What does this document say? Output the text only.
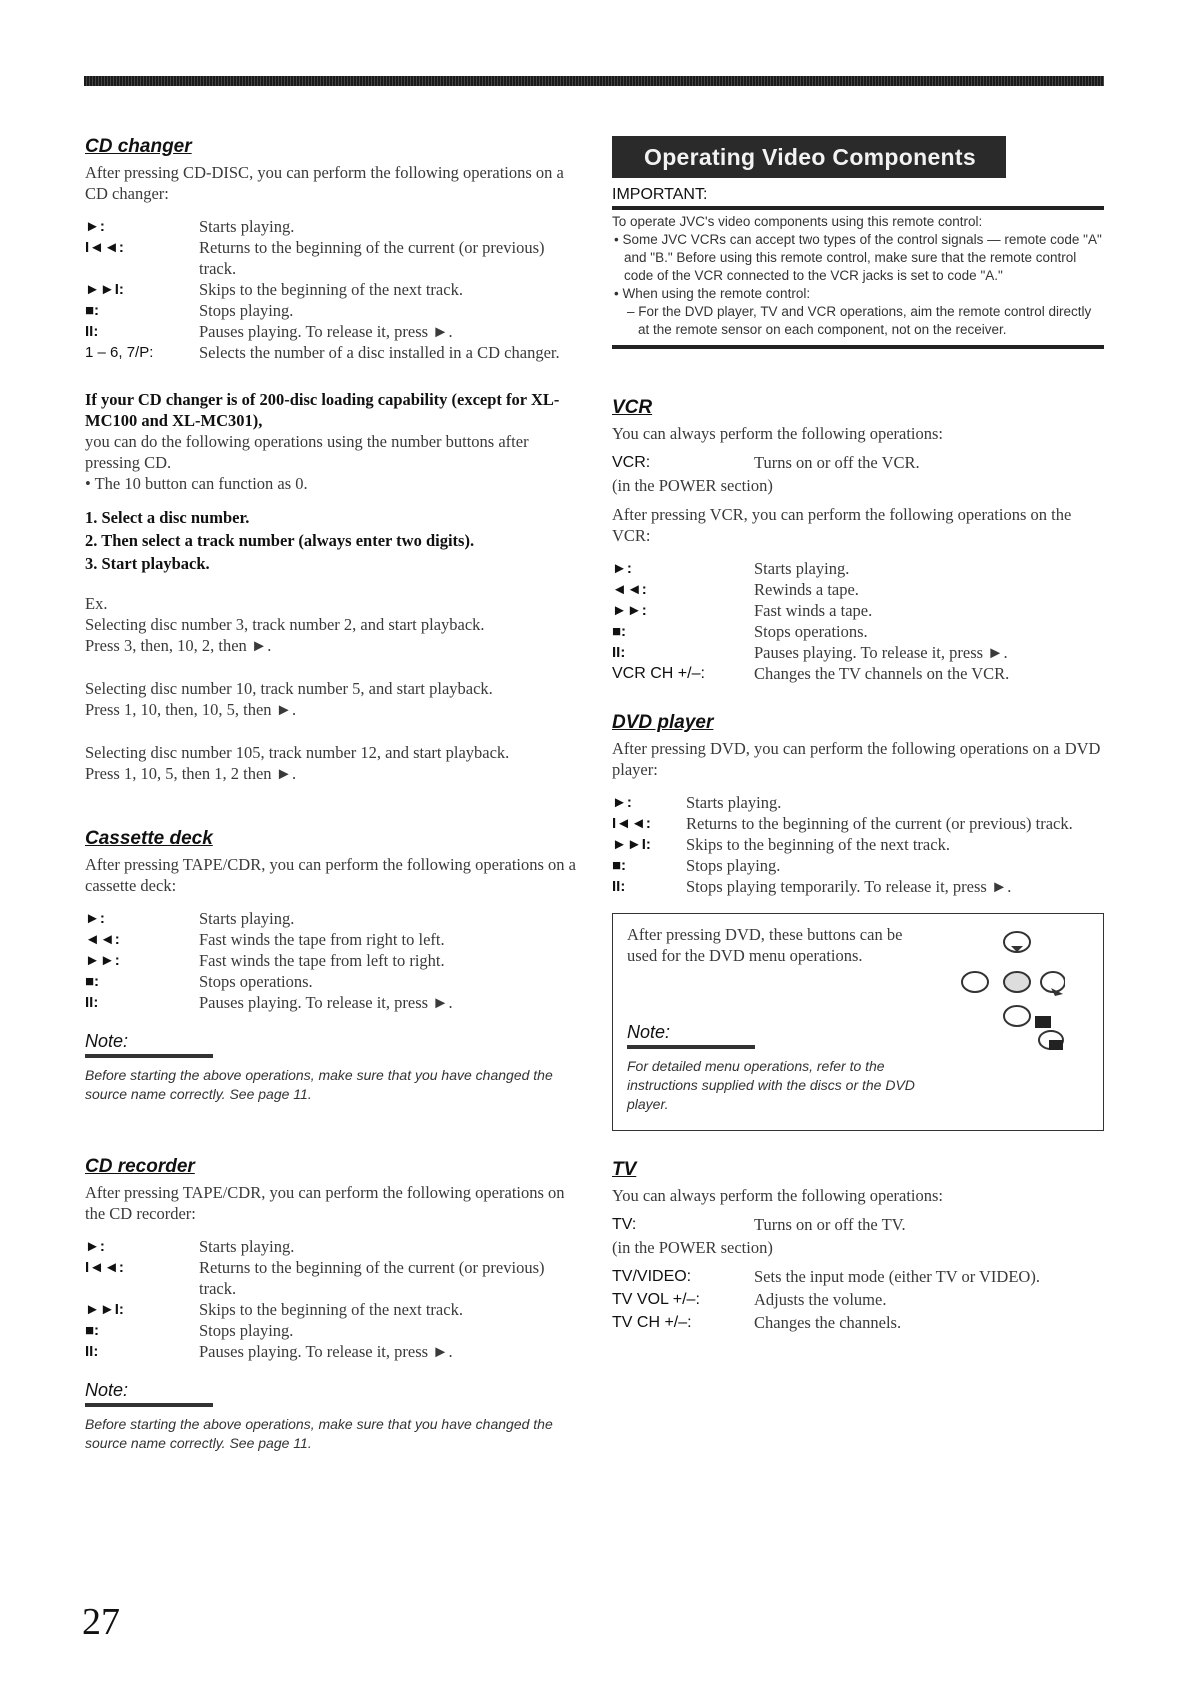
CD changer

After pressing CD-DISC, you can perform the following operations on a CD changer:

►:	Starts playing.
I◄◄:	Returns to the beginning of the current (or previous) track.
►►I:	Skips to the beginning of the next track.
■:	Stops playing.
II:	Pauses playing. To release it, press ►.
1 – 6, 7/P:	Selects the number of a disc installed in a CD changer.

If your CD changer is of 200-disc loading capability (except for XL-MC100 and XL-MC301),

you can do the following operations using the number buttons after pressing CD.

• The 10 button can function as 0.

1. Select a disc number.
2. Then select a track number (always enter two digits).
3. Start playback.

Ex.

Selecting disc number 3, track number 2, and start playback.

Press 3, then, 10, 2, then ►.

Selecting disc number 10, track number 5, and start playback.

Press 1, 10, then, 10, 5, then ►.

Selecting disc number 105, track number 12, and start playback.

Press 1, 10, 5, then 1, 2 then ►.

Cassette deck

After pressing TAPE/CDR, you can perform the following operations on a cassette deck:

►:	Starts playing.
◄◄:	Fast winds the tape from right to left.
►►:	Fast winds the tape from left to right.
■:	Stops operations.
II:	Pauses playing. To release it, press ►.
Note:

Before starting the above operations, make sure that you have changed the source name correctly. See page 11.

CD recorder

After pressing TAPE/CDR, you can perform the following operations on the CD recorder:

►:	Starts playing.
I◄◄:	Returns to the beginning of the current (or previous) track.
►►I:	Skips to the beginning of the next track.
■:	Stops playing.
II:	Pauses playing. To release it, press ►.
Note:

Before starting the above operations, make sure that you have changed the source name correctly. See page 11.

Operating Video Components
IMPORTANT:
To operate JVC's video components using this remote control:
• Some JVC VCRs can accept two types of the control signals — remote code "A" and "B." Before using this remote control, make sure that the remote control code of the VCR connected to the VCR jacks is set to code "A."
• When using the remote control:
– For the DVD player, TV and VCR operations, aim the remote control directly at the remote sensor on each component, not on the receiver.
VCR

You can always perform the following operations:

VCR:	Turns on or off the VCR.

(in the POWER section)

After pressing VCR, you can perform the following operations on the VCR:

►:	Starts playing.
◄◄:	Rewinds a tape.
►►:	Fast winds a tape.
■:	Stops operations.
II:	Pauses playing. To release it, press ►.
VCR CH +/–:	Changes the TV channels on the VCR.
DVD player

After pressing DVD, you can perform the following operations on a DVD player:

►:	Starts playing.
I◄◄:	Returns to the beginning of the current (or previous) track.
►►I:	Skips to the beginning of the next track.
■:	Stops playing.
II:	Stops playing temporarily. To release it, press ►.
After pressing DVD, these buttons can be used for the DVD menu operations.
Note:

For detailed menu operations, refer to the instructions supplied with the discs or the DVD player.

TV

You can always perform the following operations:

TV:	Turns on or off the TV.

(in the POWER section)

TV/VIDEO:	Sets the input mode (either TV or VIDEO).
TV VOL +/–:	Adjusts the volume.
TV CH +/–:	Changes the channels.
27
